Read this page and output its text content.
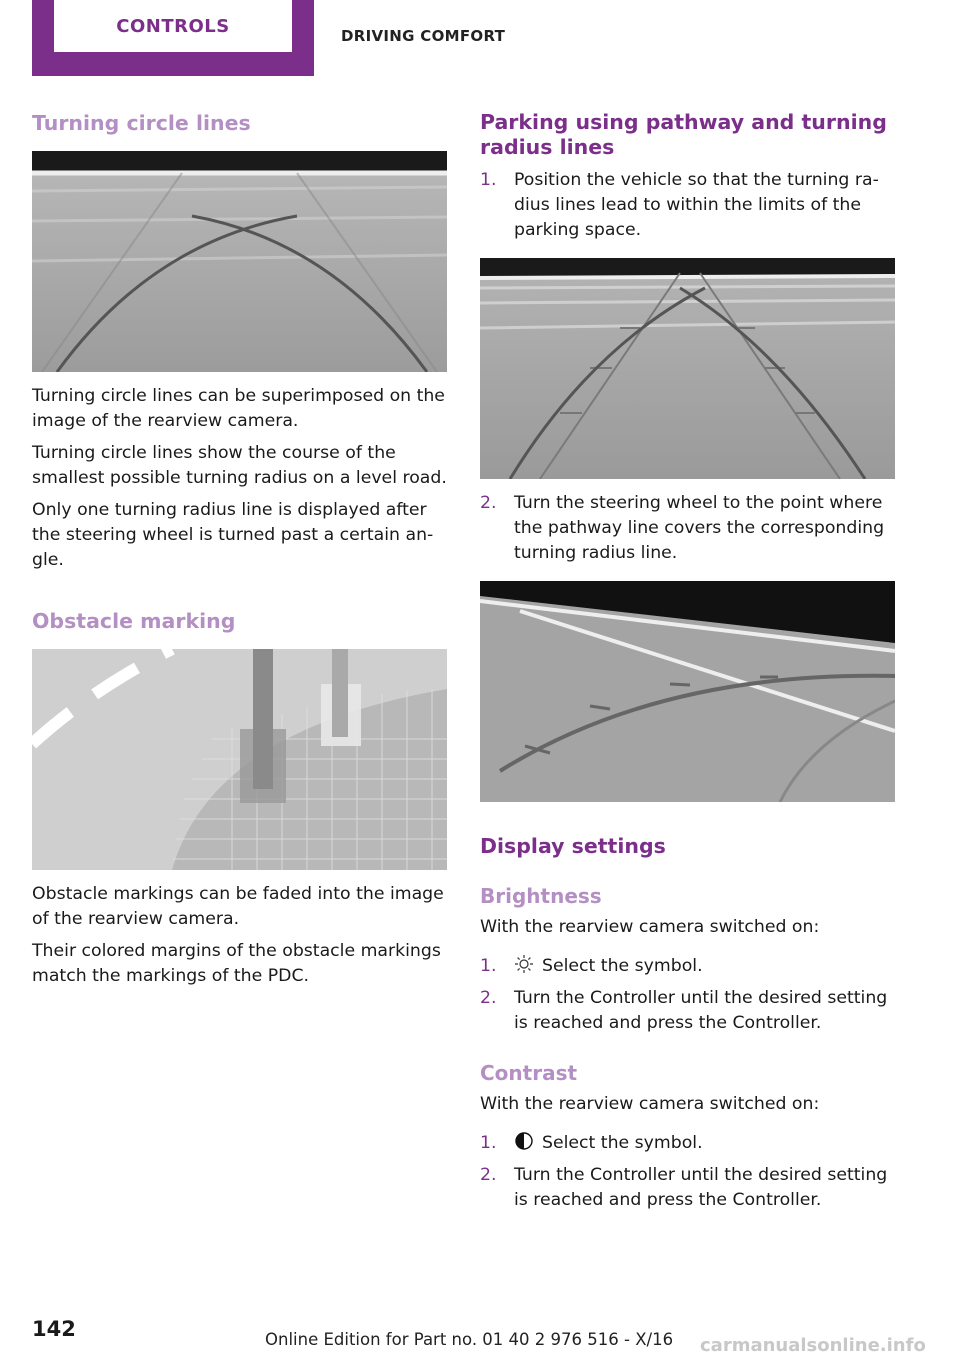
CONTROLS	DRIVING COMFORT
Turning circle lines

Turning circle lines can be superimposed on the image of the rearview camera.

Turning circle lines show the course of the smallest possible turning radius on a level road.

Only one turning radius line is displayed after the steering wheel is turned past a certain an-gle.

Obstacle marking

Obstacle markings can be faded into the image of the rearview camera.

Their colored margins of the obstacle markings match the markings of the PDC.

Parking using pathway and turning radius lines
1. Position the vehicle so that the turning ra-dius lines lead to within the limits of the parking space.
2. Turn the steering wheel to the point where the pathway line covers the corresponding turning radius line.
Display settings
Brightness

With the rearview camera switched on:

1.	Select the symbol.
2. Turn the Controller until the desired setting is reached and press the Controller.
Contrast

With the rearview camera switched on:

1.	Select the symbol.
2. Turn the Controller until the desired setting is reached and press the Controller.
142	Online Edition for Part no. 01 40 2 976 516 - X/16 carmanualsonline.info
